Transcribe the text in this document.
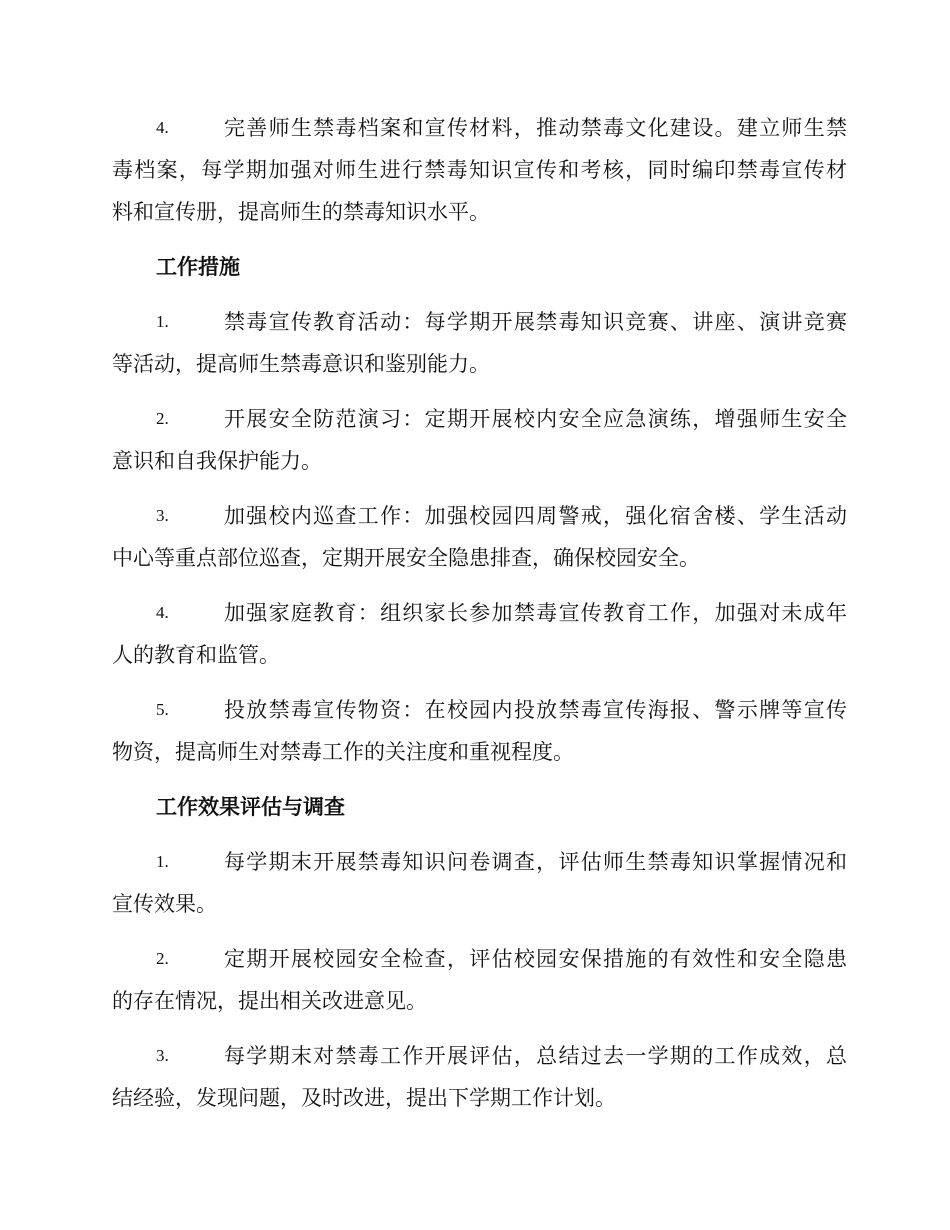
4.	完善师生禁毒档案和宣传材料，推动禁毒文化建设。建立师生禁
毒档案，每学期加强对师生进行禁毒知识宣传和考核，同时编印禁毒宣传材
料和宣传册，提高师生的禁毒知识水平。
工作措施
1.	禁毒宣传教育活动：每学期开展禁毒知识竞赛、讲座、演讲竞赛
等活动，提高师生禁毒意识和鉴别能力。
2.	开展安全防范演习：定期开展校内安全应急演练，增强师生安全
意识和自我保护能力。
3.	加强校内巡查工作：加强校园四周警戒，强化宿舍楼、学生活动
中心等重点部位巡查，定期开展安全隐患排查，确保校园安全。
4.	加强家庭教育：组织家长参加禁毒宣传教育工作，加强对未成年
人的教育和监管。
5.	投放禁毒宣传物资：在校园内投放禁毒宣传海报、警示牌等宣传
物资，提高师生对禁毒工作的关注度和重视程度。
工作效果评估与调查
1.	每学期末开展禁毒知识问卷调查，评估师生禁毒知识掌握情况和
宣传效果。
2.	定期开展校园安全检查，评估校园安保措施的有效性和安全隐患
的存在情况，提出相关改进意见。
3.	每学期末对禁毒工作开展评估，总结过去一学期的工作成效，总
结经验，发现问题，及时改进，提出下学期工作计划。
